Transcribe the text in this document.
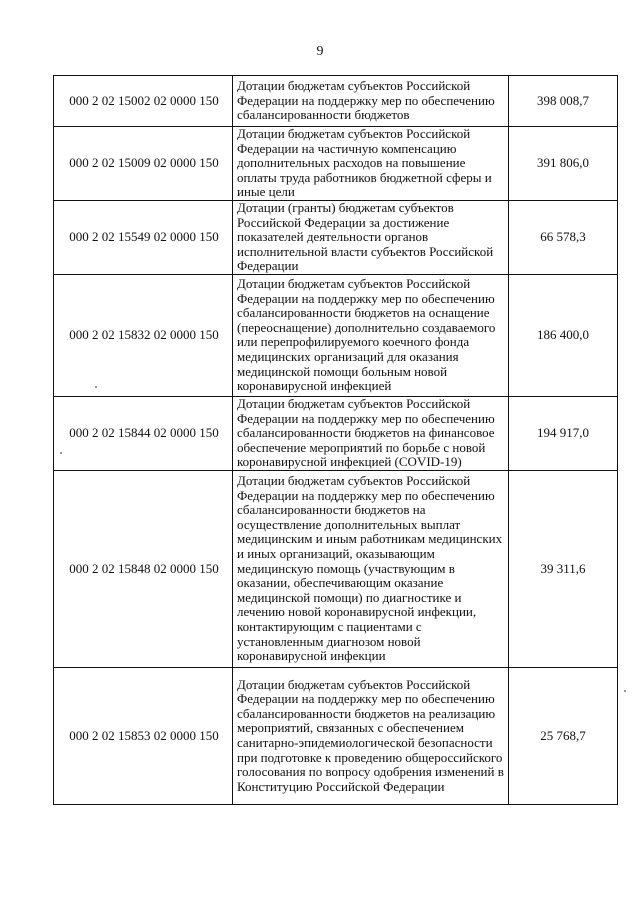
9
000 2 02 15002 02 0000 150	Дотации бюджетам субъектов Российской Федерации на поддержку мер по обеспечению сбалансированности бюджетов	398 008,7
000 2 02 15009 02 0000 150	Дотации бюджетам субъектов Российской Федерации на частичную компенсацию дополнительных расходов на повышение оплаты труда работников бюджетной сферы и иные цели	391 806,0
000 2 02 15549 02 0000 150	Дотации (гранты) бюджетам субъектов Российской Федерации за достижение показателей деятельности органов исполнительной власти субъектов Российской Федерации	66 578,3
000 2 02 15832 02 0000 150	Дотации бюджетам субъектов Российской Федерации на поддержку мер по обеспечению сбалансированности бюджетов на оснащение (переоснащение) дополнительно создаваемого или перепрофилируемого коечного фонда медицинских организаций для оказания медицинской помощи больным новой коронавирусной инфекцией	186 400,0
000 2 02 15844 02 0000 150	Дотации бюджетам субъектов Российской Федерации на поддержку мер по обеспечению сбалансированности бюджетов на финансовое обеспечение мероприятий по борьбе с новой коронавирусной инфекцией (COVID-19)	194 917,0
000 2 02 15848 02 0000 150	Дотации бюджетам субъектов Российской Федерации на поддержку мер по обеспечению сбалансированности бюджетов на осуществление дополнительных выплат медицинским и иным работникам медицинских и иных организаций, оказывающим медицинскую помощь (участвующим в оказании, обеспечивающим оказание медицинской помощи) по диагностике и лечению новой коронавирусной инфекции, контактирующим с пациентами с установленным диагнозом новой коронавирусной инфекции	39 311,6
000 2 02 15853 02 0000 150	Дотации бюджетам субъектов Российской Федерации на поддержку мер по обеспечению сбалансированности бюджетов на реализацию мероприятий, связанных с обеспечением санитарно-эпидемиологической безопасности при подготовке к проведению общероссийского голосования по вопросу одобрения изменений в Конституцию Российской Федерации	25 768,7
